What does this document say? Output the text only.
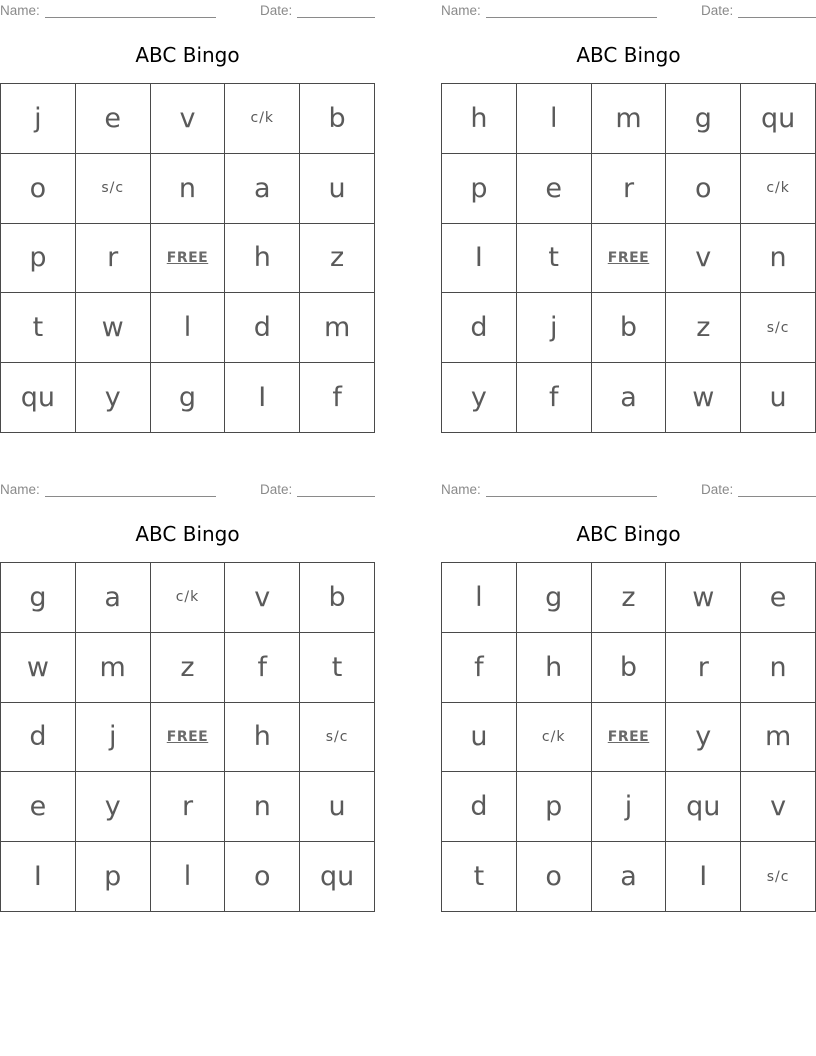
Name:	Date:
ABC Bingo
j	e	v	c/k	b
o	s/c	n	a	u
p	r	FREE	h	z
t	w	l	d	m
qu	y	g	I	f
Name:	Date:
ABC Bingo
h	l	m	g	qu
p	e	r	o	c/k
I	t	FREE	v	n
d	j	b	z	s/c
y	f	a	w	u
Name:	Date:
ABC Bingo
g	a	c/k	v	b
w	m	z	f	t
d	j	FREE	h	s/c
e	y	r	n	u
I	p	l	o	qu
Name:	Date:
ABC Bingo
l	g	z	w	e
f	h	b	r	n
u	c/k	FREE	y	m
d	p	j	qu	v
t	o	a	I	s/c
